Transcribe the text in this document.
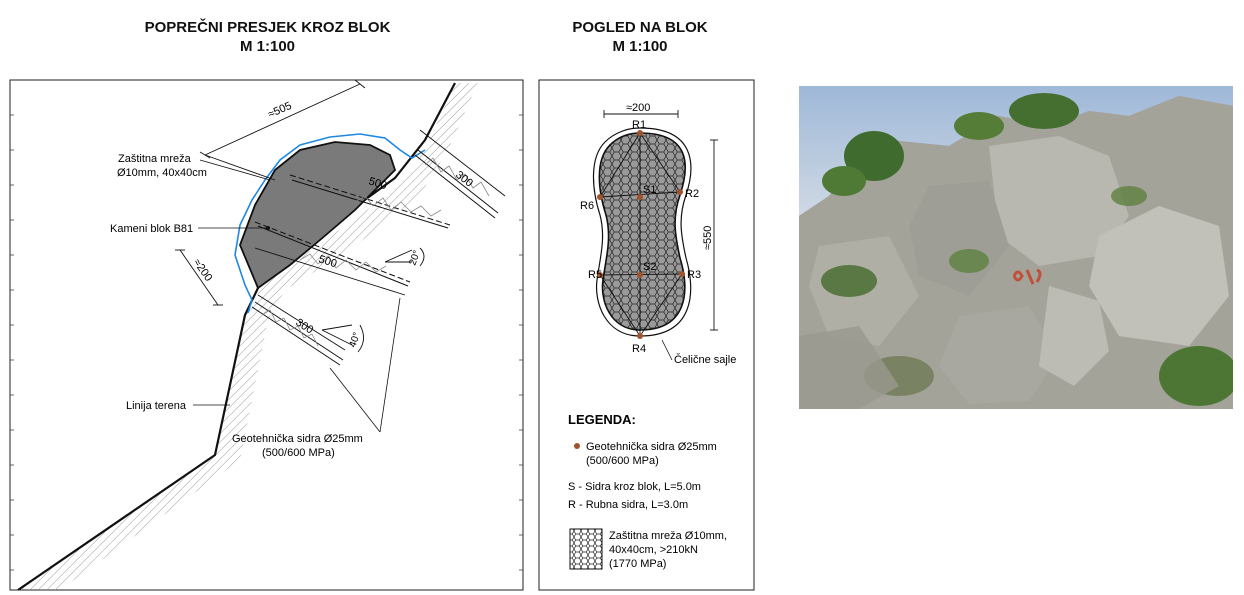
POPREČNI PRESJEK KROZ BLOK
M 1:100
POGLED NA BLOK
M 1:100
≈505
300
500
500
300
≈200	20°
40°
Zaštitna mreža
Ø10mm, 40x40cm
Kameni blok B81
Linija terena
Geotehnička sidra Ø25mm
(500/600 MPa)
R1
R2
R3
R4
R5
R6
S1
S2
≈200
≈550
Čelične sajle
LEGENDA:
Geotehnička sidra Ø25mm
(500/600 MPa)
S - Sidra kroz blok, L=5.0m
R - Rubna sidra, L=3.0m
Zaštitna mreža Ø10mm,
40x40cm, >210kN
(1770 MPa)
